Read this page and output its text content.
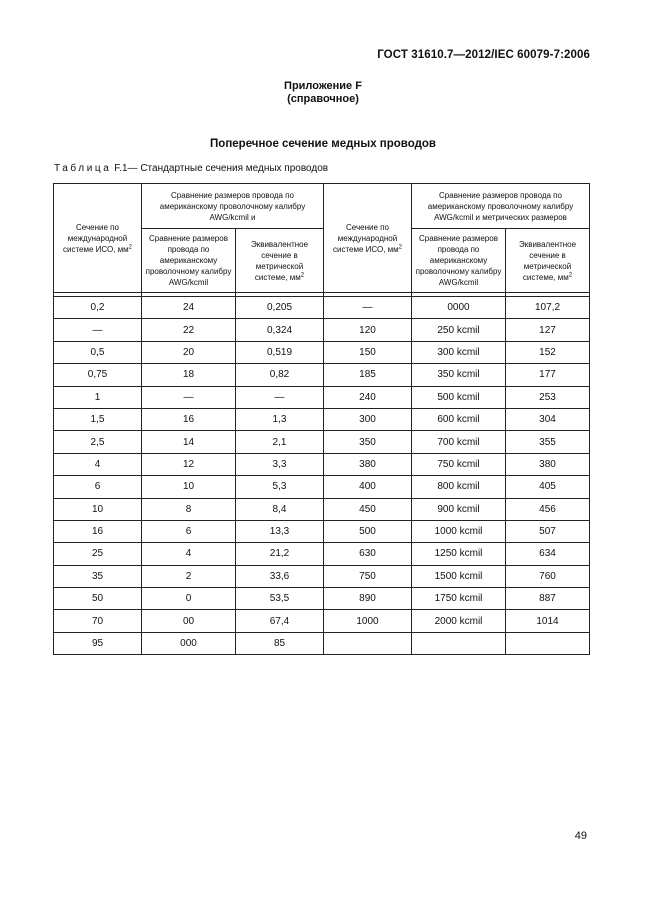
ГОСТ 31610.7—2012/IEC 60079-7:2006
Приложение F
(справочное)
Поперечное сечение медных проводов
Таблица F.1— Стандартные сечения медных проводов
Сечение по международной системе ИСО, $мм^2$	Сравнение размеров провода по американскому проволочному калибру AWG/kcmil и		Сечение по международной системе ИСО, $мм^2$	Сравнение размеров провода по американскому проволочному калибру AWG/kcmil и метрических размеров	
	Сравнение размеров провода по американскому проволочному калибру AWG/kcmil	Эквивалентное сечение в метрической системе, $мм^2$		Сравнение размеров провода по американскому проволочному калибру AWG/kcmil	Эквивалентное сечение в метрической системе, $мм^2$

0,2	24	0,205	—	0000	107,2
—	22	0,324	120	250 kcmil	127
0,5	20	0,519	150	300 kcmil	152
0,75	18	0,82	185	350 kcmil	177
1	—	—	240	500 kcmil	253
1,5	16	1,3	300	600 kcmil	304
2,5	14	2,1	350	700 kcmil	355
4	12	3,3	380	750 kcmil	380
6	10	5,3	400	800 kcmil	405
10	8	8,4	450	900 kcmil	456
16	6	13,3	500	1000 kcmil	507
25	4	21,2	630	1250 kcmil	634
35	2	33,6	750	1500 kcmil	760
50	0	53,5	890	1750 kcmil	887
70	00	67,4	1000	2000 kcmil	1014
95	000	85			
49
